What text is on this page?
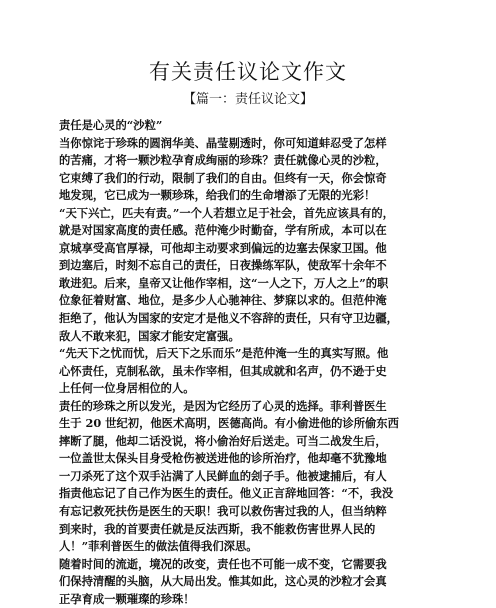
有关责任议论文作文
【篇一：责任议论文】
责任是心灵的“沙粒”
当你惊诧于珍珠的圆润华美、晶莹剔透时，你可知道蚌忍受了怎样
的苦痛，才将一颗沙粒孕育成绚丽的珍珠？责任就像心灵的沙粒，
它束缚了我们的行动，限制了我们的自由。但终有一天，你会惊奇
地发现，它已成为一颗珍珠，给我们的生命增添了无限的光彩！
“天下兴亡，匹夫有责。”一个人若想立足于社会，首先应该具有的，
就是对国家高度的责任感。范仲淹少时勤奋，学有所成，本可以在
京城享受高官厚禄，可他却主动要求到偏远的边塞去保家卫国。他
到边塞后，时刻不忘自己的责任，日夜操练军队，使敌军十余年不
敢进犯。后来，皇帝又让他作宰相，这“一人之下，万人之上”的职
位象征着财富、地位，是多少人心驰神往、梦寐以求的。但范仲淹
拒绝了，他认为国家的安定才是他义不容辞的责任，只有守卫边疆，
敌人不敢来犯，国家才能安定富强。
“先天下之忧而忧，后天下之乐而乐”是范仲淹一生的真实写照。他
心怀责任，克制私欲，虽未作宰相，但其成就和名声，仍不逊于史
上任何一位身居相位的人。
责任的珍珠之所以发光，是因为它经历了心灵的选择。菲利普医生
生于 20 世纪初，他医术高明，医德高尚。有小偷进他的诊所偷东西
摔断了腿，他却二话没说，将小偷治好后送走。可当二战发生后，
一位盖世太保头目身受枪伤被送进他的诊所治疗，他却毫不犹豫地
一刀杀死了这个双手沾满了人民鲜血的刽子手。他被逮捕后，有人
指责他忘记了自己作为医生的责任。他义正言辞地回答：“不，我没
有忘记救死扶伤是医生的天职！我可以救伤害过我的人，但当纳粹
到来时，我的首要责任就是反法西斯，我不能救伤害世界人民的
人！”菲利普医生的做法值得我们深思。
随着时间的流逝，境况的改变，责任也不可能一成不变，它需要我
们保持清醒的头脑，从大局出发。惟其如此，这心灵的沙粒才会真
正孕育成一颗璀璨的珍珠！
